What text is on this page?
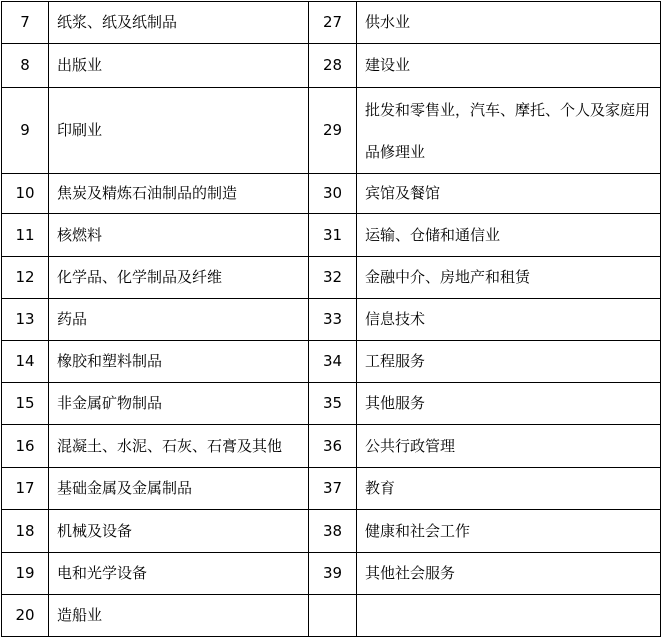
7	纸浆、纸及纸制品	27	供水业
8	出版业	28	建设业
9	印刷业	29	批发和零售业，汽车、摩托、个人及家庭用品修理业
10	焦炭及精炼石油制品的制造	30	宾馆及餐馆
11	核燃料	31	运输、仓储和通信业
12	化学品、化学制品及纤维	32	金融中介、房地产和租赁
13	药品	33	信息技术
14	橡胶和塑料制品	34	工程服务
15	非金属矿物制品	35	其他服务
16	混凝土、水泥、石灰、石膏及其他	36	公共行政管理
17	基础金属及金属制品	37	教育
18	机械及设备	38	健康和社会工作
19	电和光学设备	39	其他社会服务
20	造船业		
